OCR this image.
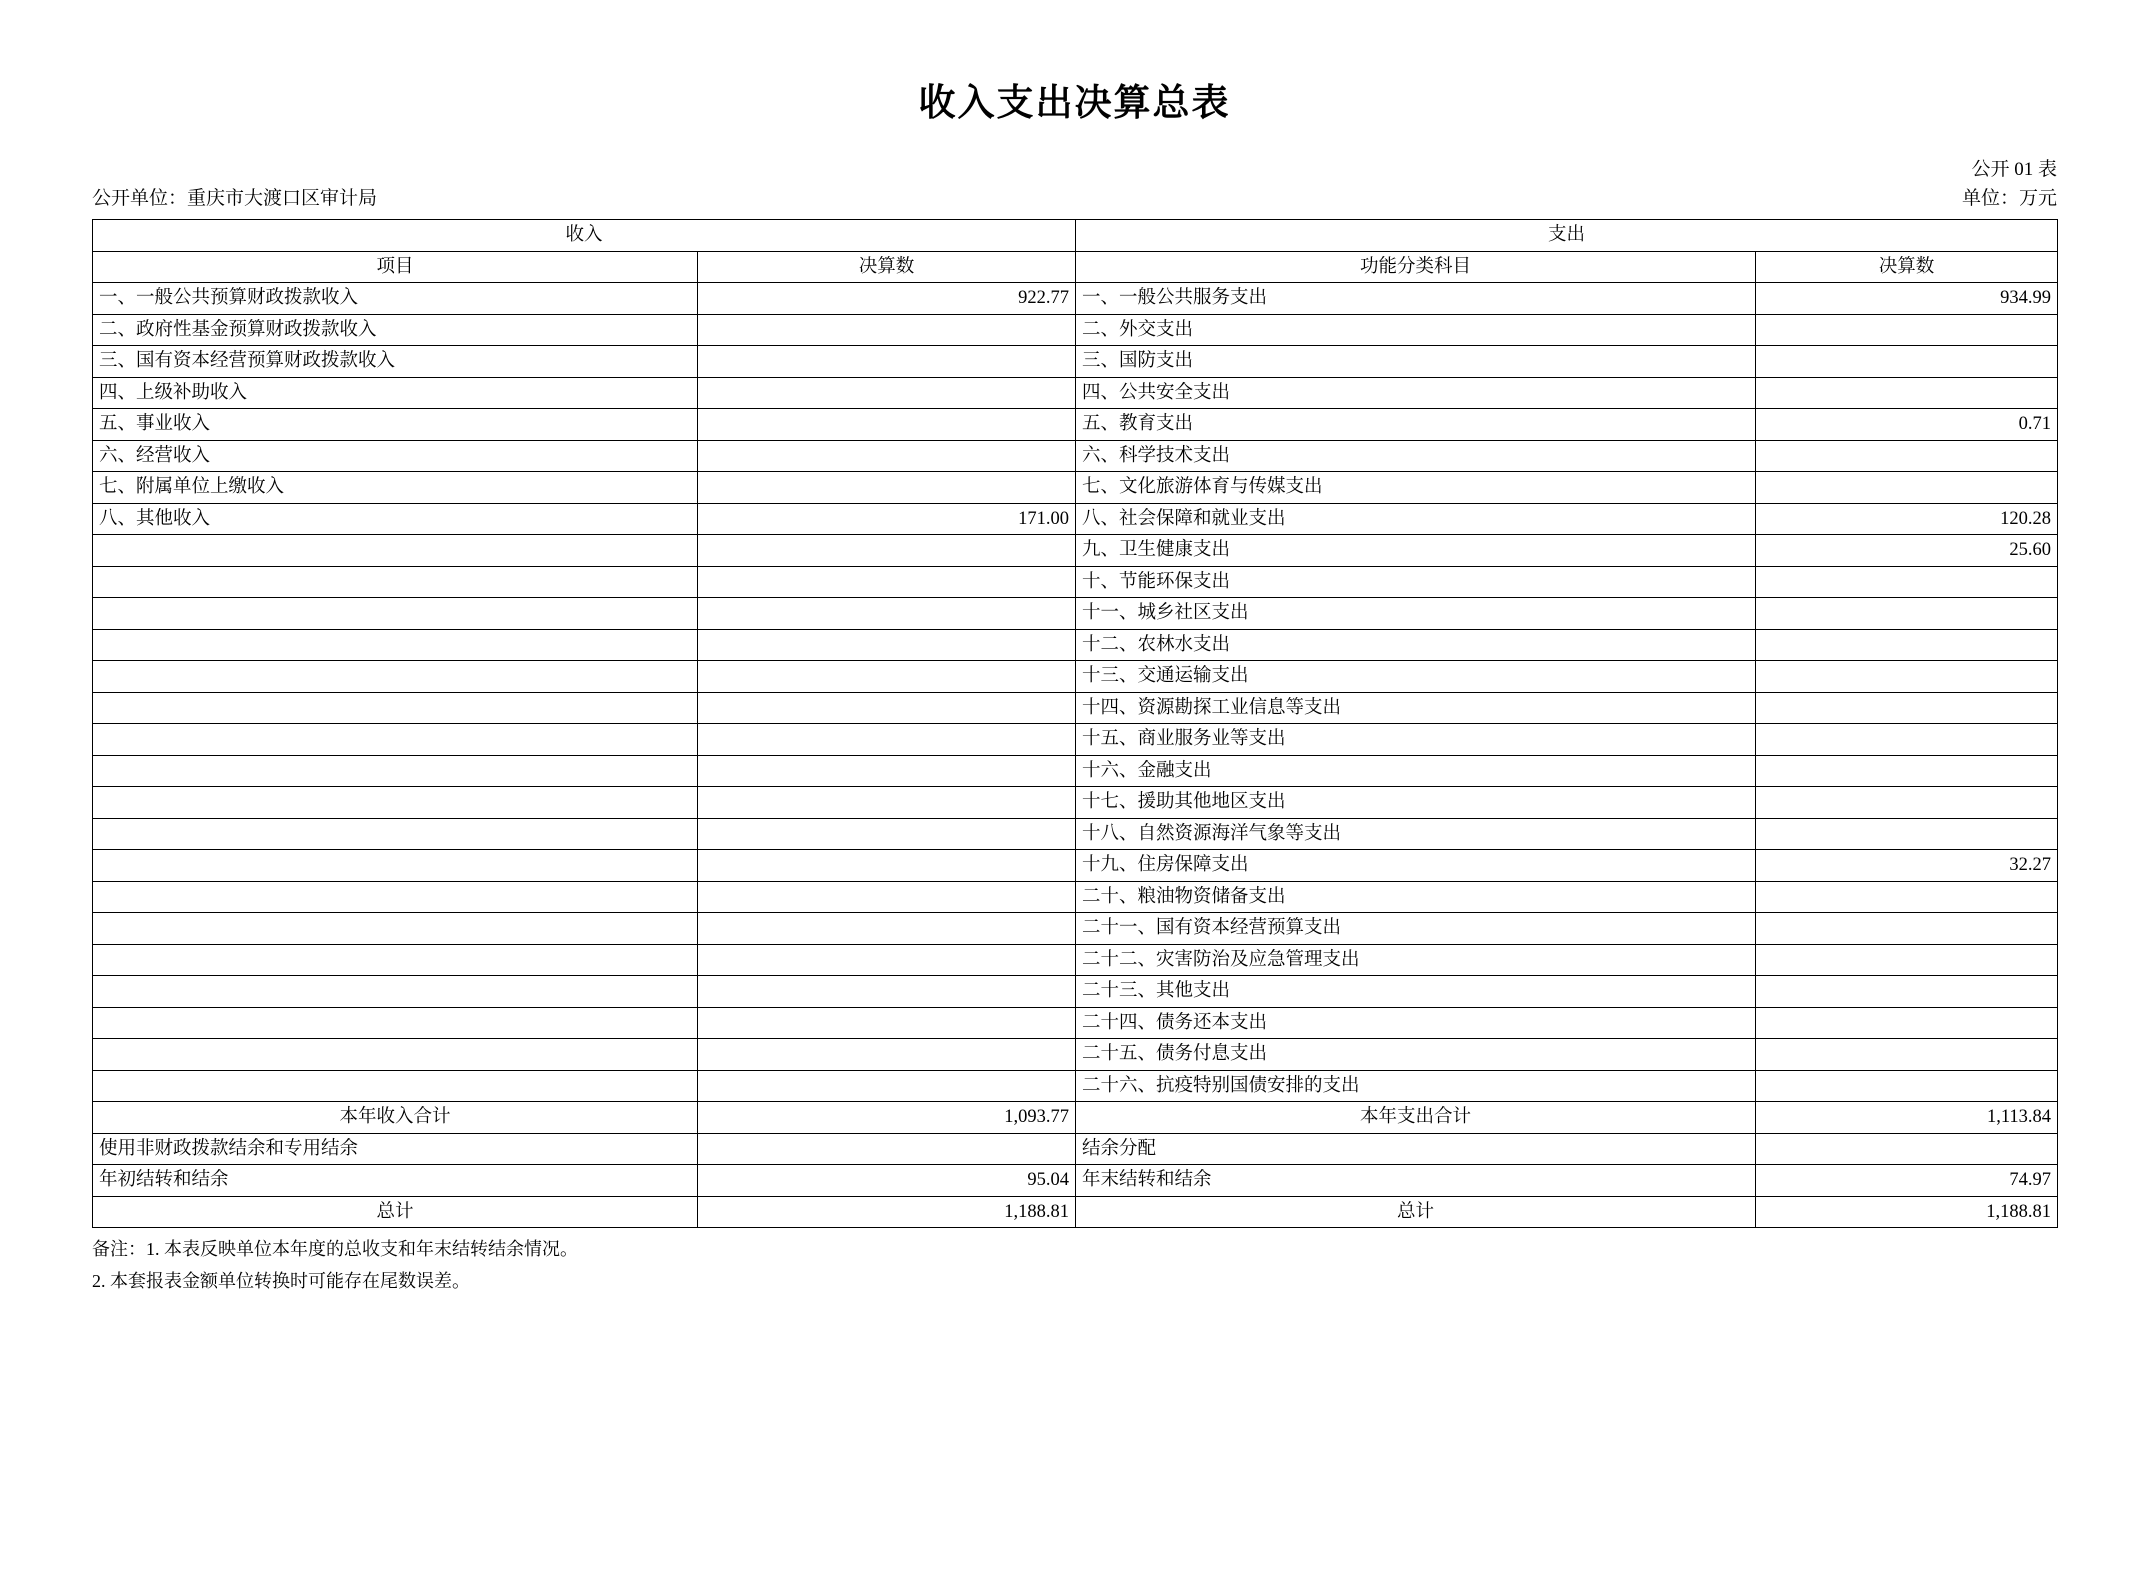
收入支出决算总表
公开单位：重庆市大渡口区审计局
公开 01 表
单位：万元
收入		支出	
项目	决算数	功能分类科目	决算数
一、一般公共预算财政拨款收入	922.77	一、一般公共服务支出	934.99
二、政府性基金预算财政拨款收入		二、外交支出	
三、国有资本经营预算财政拨款收入		三、国防支出	
四、上级补助收入		四、公共安全支出	
五、事业收入		五、教育支出	0.71
六、经营收入		六、科学技术支出	
七、附属单位上缴收入		七、文化旅游体育与传媒支出	
八、其他收入	171.00	八、社会保障和就业支出	120.28
		九、卫生健康支出	25.60
		十、节能环保支出	
		十一、城乡社区支出	
		十二、农林水支出	
		十三、交通运输支出	
		十四、资源勘探工业信息等支出	
		十五、商业服务业等支出	
		十六、金融支出	
		十七、援助其他地区支出	
		十八、自然资源海洋气象等支出	
		十九、住房保障支出	32.27
		二十、粮油物资储备支出	
		二十一、国有资本经营预算支出	
		二十二、灾害防治及应急管理支出	
		二十三、其他支出	
		二十四、债务还本支出	
		二十五、债务付息支出	
		二十六、抗疫特别国债安排的支出	
本年收入合计	1,093.77	本年支出合计	1,113.84
使用非财政拨款结余和专用结余		结余分配	
年初结转和结余	95.04	年末结转和结余	74.97
总计	1,188.81	总计	1,188.81
备注：1. 本表反映单位本年度的总收支和年末结转结余情况。
2. 本套报表金额单位转换时可能存在尾数误差。
